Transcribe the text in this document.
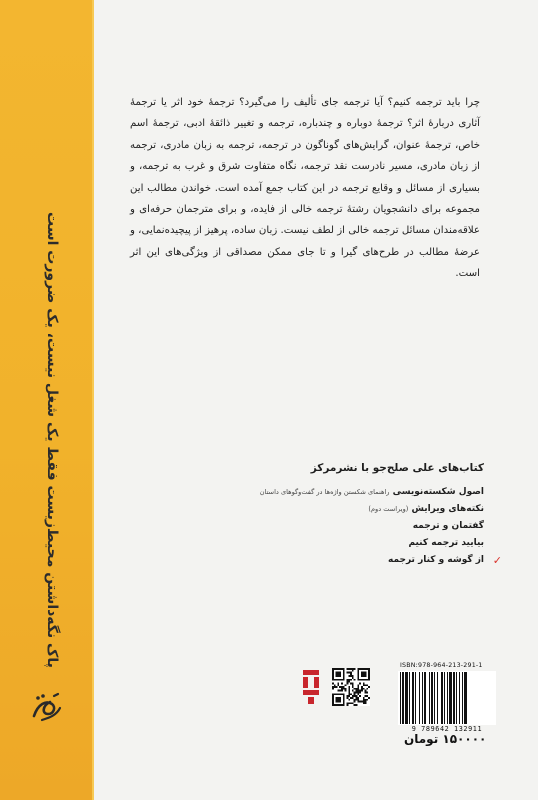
پاک نگه‌داشتن محیط‌زیست فقط یک شغل نیست، یک ضرورت است

چرا باید ترجمه کنیم؟ آیا ترجمه جای تألیف را می‌گیرد؟ ترجمهٔ خود اثر یا ترجمهٔ آثاری دربارهٔ اثر؟ ترجمهٔ دوباره و چندباره، ترجمه و تغییر ذائقهٔ ادبی، ترجمهٔ اسم خاص، ترجمهٔ عنوان، گرایش‌های گوناگون در ترجمه، ترجمه به زبان مادری، ترجمه از زبان مادری، مسیر نادرست نقد ترجمه، نگاه متفاوت شرق و غرب به ترجمه، و بسیاری از مسائل و وقایع ترجمه در این کتاب جمع آمده است. خواندن مطالب این مجموعه برای دانشجویان رشتهٔ ترجمه خالی از فایده، و برای مترجمان حرفه‌ای و علاقه‌مندان مسائل ترجمه خالی از لطف نیست. زبان ساده، پرهیز از پیچیده‌نمایی، و عرضهٔ مطالب در طرح‌های گیرا و تا جای ممکن مصداقی از ویژگی‌های این اثر است.

کتاب‌های علی صلح‌جو با نشرمرکز
اصول شکسته‌نویسی راهنمای شکستن واژه‌ها در گفت‌وگوهای داستان
نکته‌های ویرایش (ویراست دوم)
گفتمان و ترجمه
بیایید ترجمه کنیم
از گوشه و کنار ترجمه ✓
ISBN:978-964-213-291-1
9 789642 132911
۱۵۰۰۰۰ تومان
